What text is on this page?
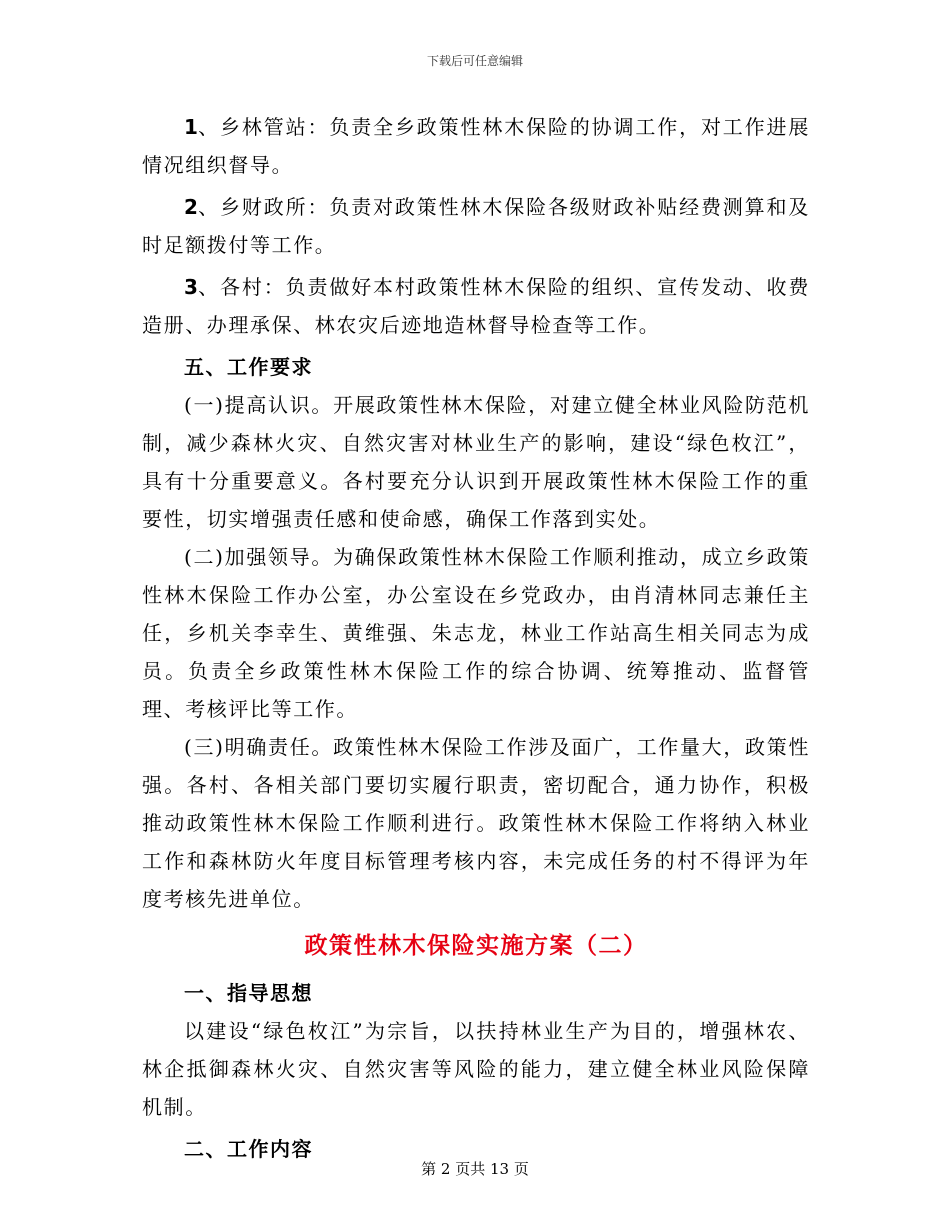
下载后可任意编辑

1、乡林管站：负责全乡政策性林木保险的协调工作，对工作进展情况组织督导。

2、乡财政所：负责对政策性林木保险各级财政补贴经费测算和及时足额拨付等工作。

3、各村：负责做好本村政策性林木保险的组织、宣传发动、收费造册、办理承保、林农灾后迹地造林督导检查等工作。

五、工作要求

(一)提高认识。开展政策性林木保险，对建立健全林业风险防范机制，减少森林火灾、自然灾害对林业生产的影响，建设“绿色枚江”，具有十分重要意义。各村要充分认识到开展政策性林木保险工作的重要性，切实增强责任感和使命感，确保工作落到实处。

(二)加强领导。为确保政策性林木保险工作顺利推动，成立乡政策性林木保险工作办公室，办公室设在乡党政办，由肖清林同志兼任主任，乡机关李幸生、黄维强、朱志龙，林业工作站高生相关同志为成员。负责全乡政策性林木保险工作的综合协调、统筹推动、监督管理、考核评比等工作。

(三)明确责任。政策性林木保险工作涉及面广，工作量大，政策性强。各村、各相关部门要切实履行职责，密切配合，通力协作，积极推动政策性林木保险工作顺利进行。政策性林木保险工作将纳入林业工作和森林防火年度目标管理考核内容，未完成任务的村不得评为年度考核先进单位。

政策性林木保险实施方案（二）

一、指导思想

以建设“绿色枚江”为宗旨，以扶持林业生产为目的，增强林农、林企抵御森林火灾、自然灾害等风险的能力，建立健全林业风险保障机制。

二、工作内容

第 2 页共 13 页
